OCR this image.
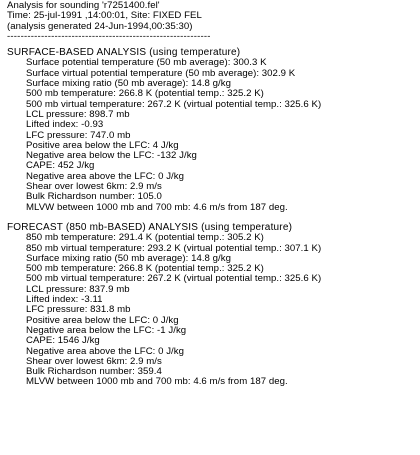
Analysis for sounding 'r7251400.fel'
Time: 25-jul-1991 ,14:00:01, Site: FIXED FEL
(analysis generated 24-Jun-1994,00:35:30)
------------------------------------------------------------
SURFACE-BASED ANALYSIS (using temperature)
Surface potential temperature (50 mb average): 300.3 K
Surface virtual potential temperature (50 mb average): 302.9 K
Surface mixing ratio (50 mb average): 14.8 g/kg
500 mb temperature: 266.8 K (potential temp.: 325.2 K)
500 mb virtual temperature: 267.2 K (virtual potential temp.: 325.6 K)
LCL pressure: 898.7 mb
Lifted index: -0.93
LFC pressure: 747.0 mb
Positive area below the LFC: 4 J/kg
Negative area below the LFC: -132 J/kg
CAPE: 452 J/kg
Negative area above the LFC: 0 J/kg
Shear over lowest 6km: 2.9 m/s
Bulk Richardson number: 105.0
MLVW between 1000 mb and 700 mb: 4.6 m/s from 187 deg.
FORECAST (850 mb-BASED) ANALYSIS (using temperature)
850 mb temperature: 291.4 K (potential temp.: 305.2 K)
850 mb virtual temperature: 293.2 K (virtual potential temp.: 307.1 K)
Surface mixing ratio (50 mb average): 14.8 g/kg
500 mb temperature: 266.8 K (potential temp.: 325.2 K)
500 mb virtual temperature: 267.2 K (virtual potential temp.: 325.6 K)
LCL pressure: 837.9 mb
Lifted index: -3.11
LFC pressure: 831.8 mb
Positive area below the LFC: 0 J/kg
Negative area below the LFC: -1 J/kg
CAPE: 1546 J/kg
Negative area above the LFC: 0 J/kg
Shear over lowest 6km: 2.9 m/s
Bulk Richardson number: 359.4
MLVW between 1000 mb and 700 mb: 4.6 m/s from 187 deg.
